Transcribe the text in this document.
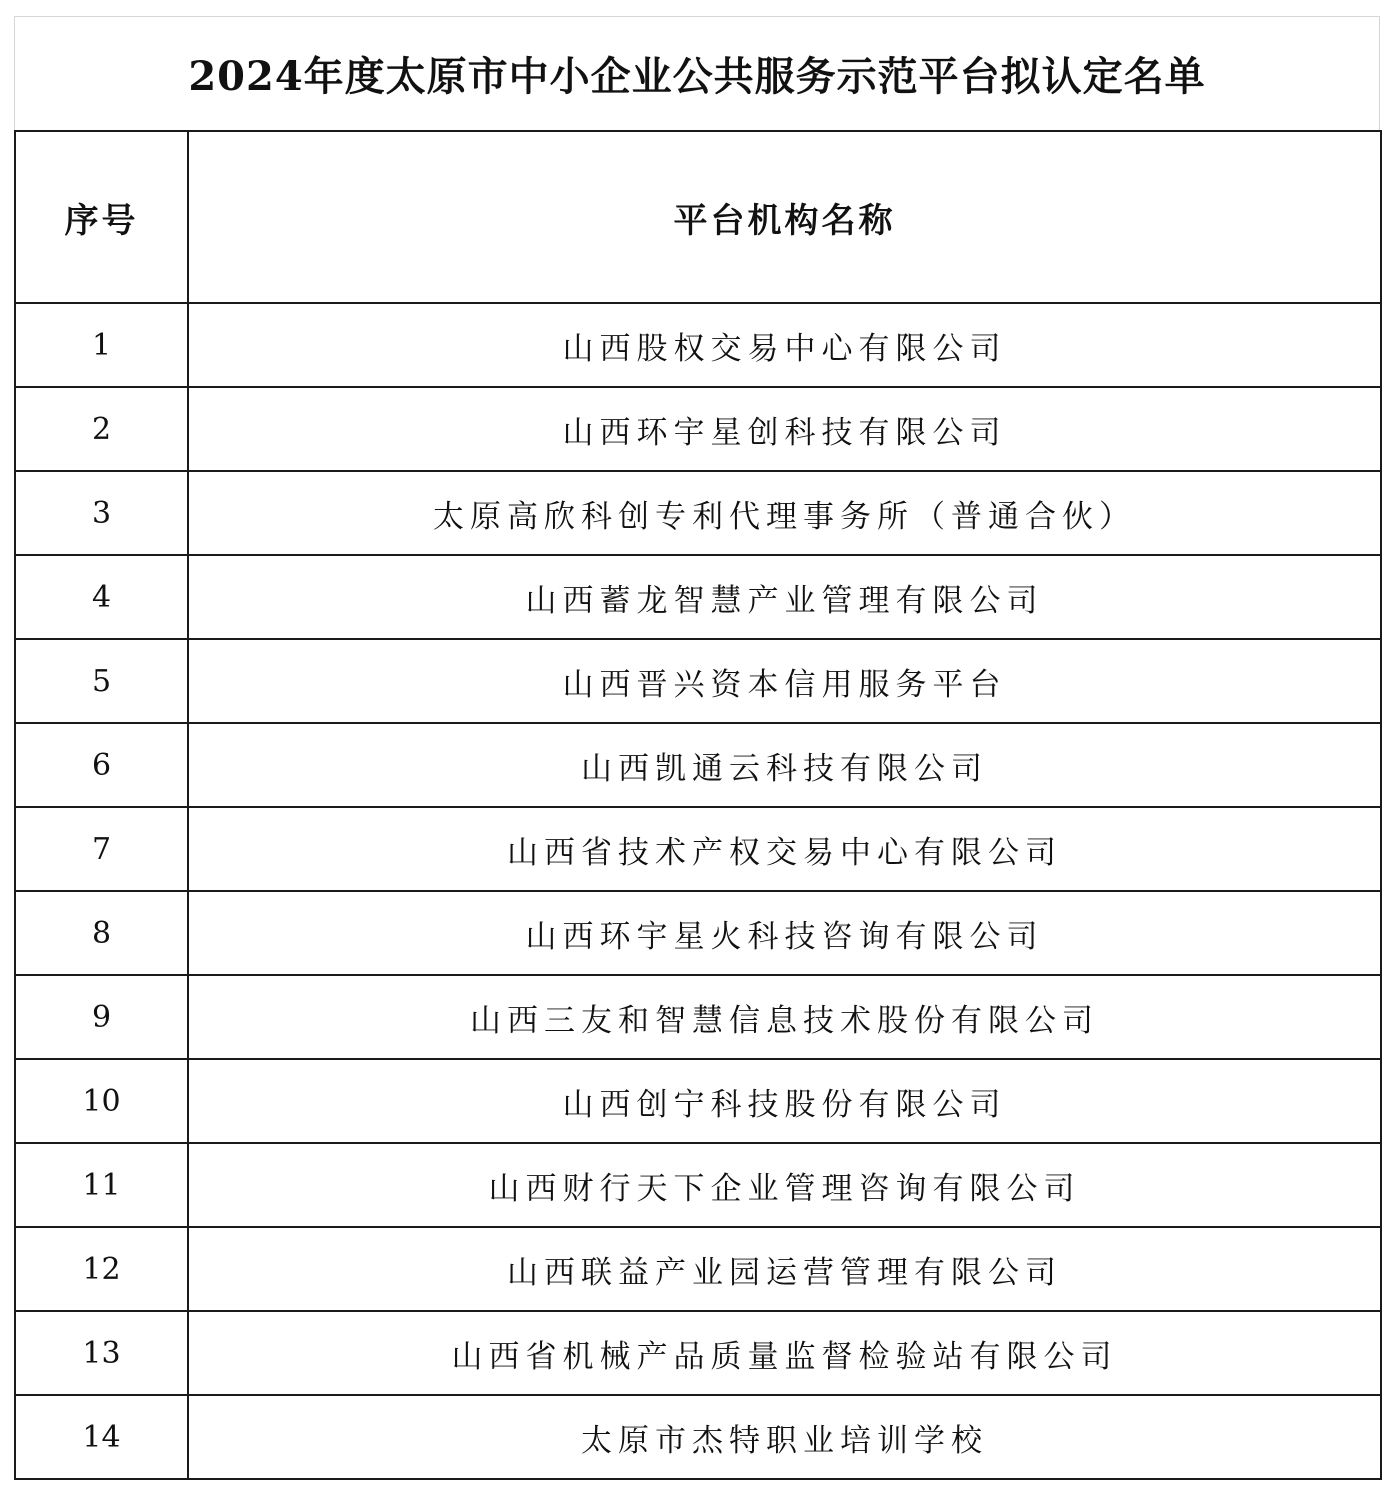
2024年度太原市中小企业公共服务示范平台拟认定名单
序号	平台机构名称
1	山西股权交易中心有限公司
2	山西环宇星创科技有限公司
3	太原高欣科创专利代理事务所（普通合伙）
4	山西蓄龙智慧产业管理有限公司
5	山西晋兴资本信用服务平台
6	山西凯通云科技有限公司
7	山西省技术产权交易中心有限公司
8	山西环宇星火科技咨询有限公司
9	山西三友和智慧信息技术股份有限公司
10	山西创宁科技股份有限公司
11	山西财行天下企业管理咨询有限公司
12	山西联益产业园运营管理有限公司
13	山西省机械产品质量监督检验站有限公司
14	太原市杰特职业培训学校
